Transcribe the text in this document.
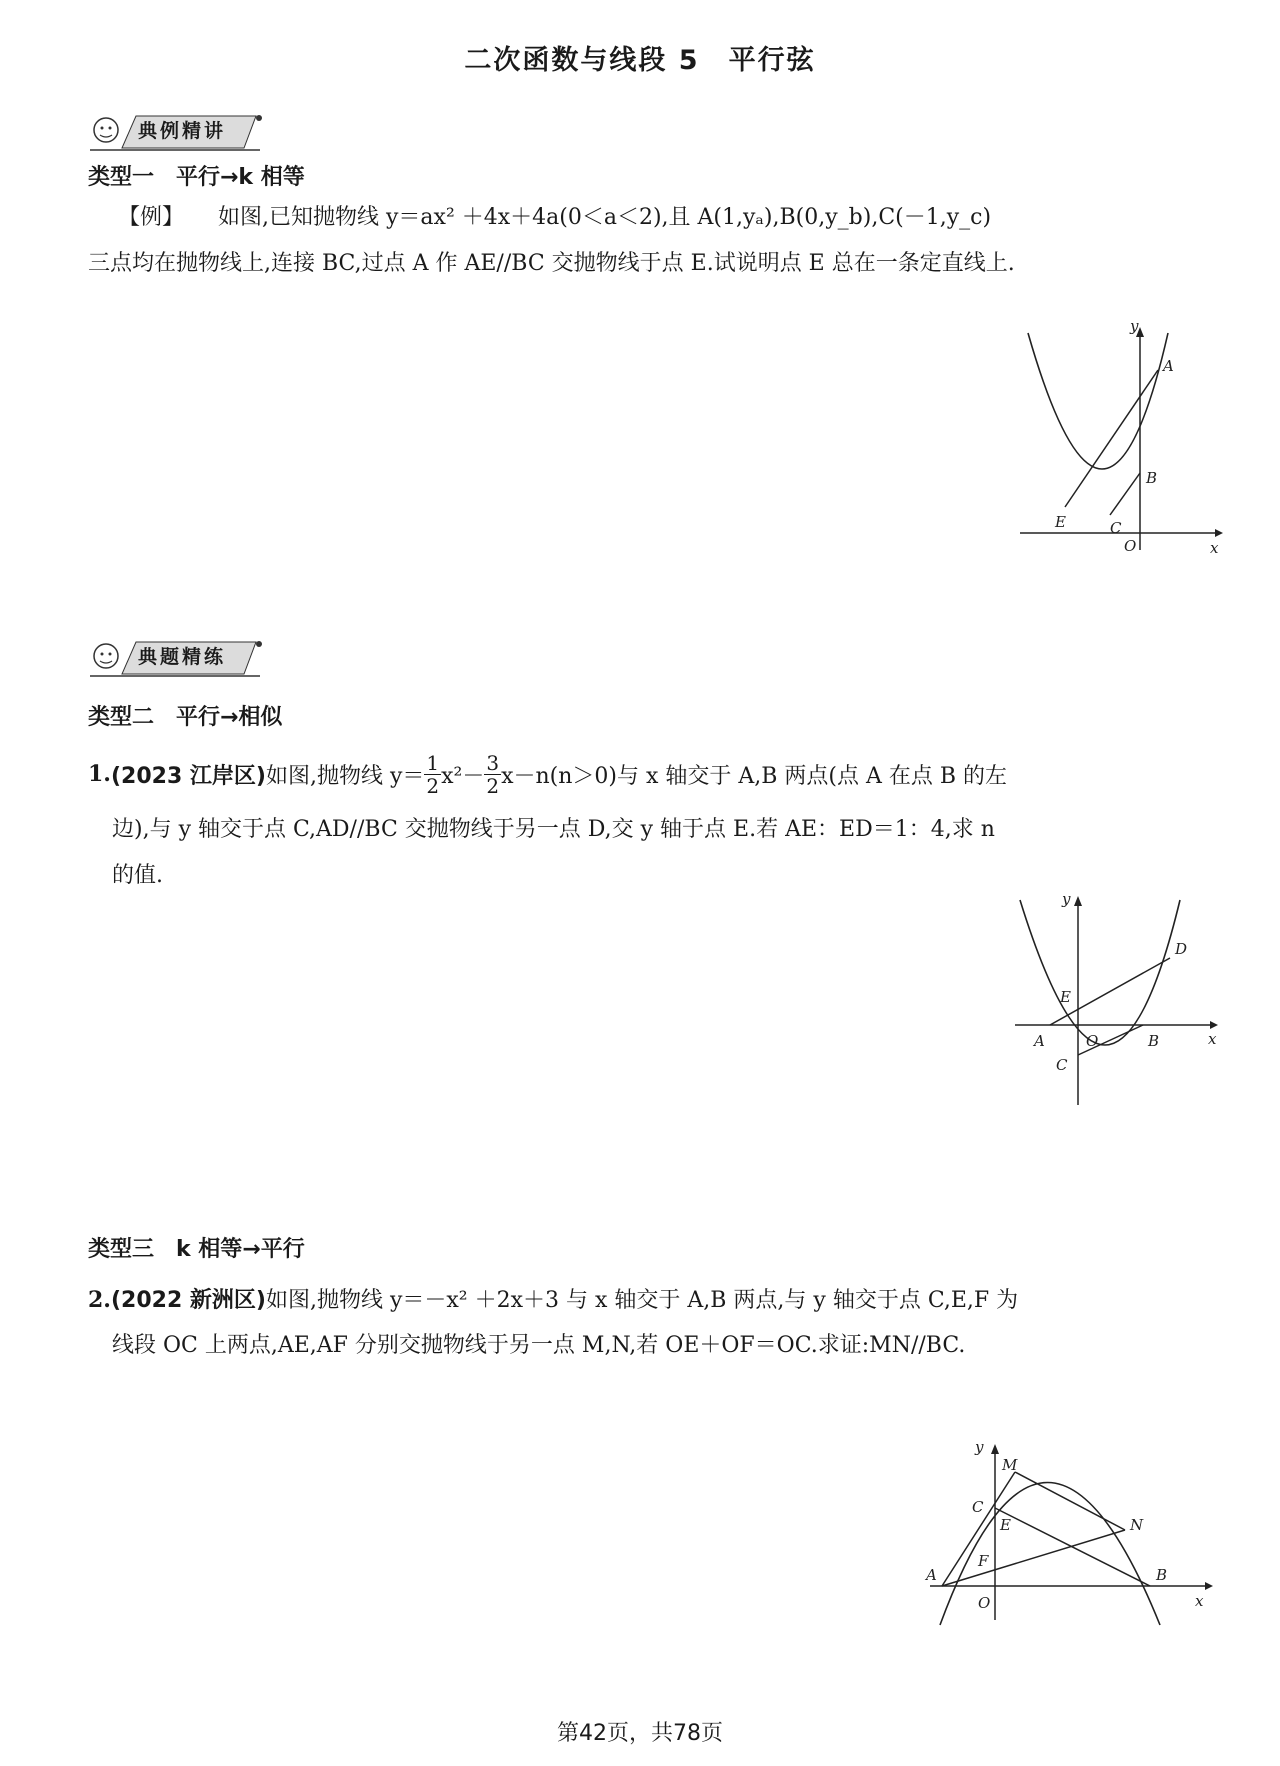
二次函数与线段 5　平行弦
典例精讲
类型一　平行→k 相等
【例】 　如图,已知抛物线 y＝ax² ＋4x＋4a(0＜a＜2),且 A(1,yₐ),B(0,y_b),C(－1,y_c)
三点均在抛物线上,连接 BC,过点 A 作 AE//BC 交抛物线于点 E.试说明点 E 总在一条定直线上.
y
A
B
C
E
O	x
典题精练
类型二　平行→相似
1. (2023 江岸区) 如图,抛物线 $y= \frac{1}{2} x^2- \frac{3}{2} x-n(n>0)$与 x 轴交于 A,B 两点(点 A 在点 B 的左
边),与 y 轴交于点 C,AD//BC 交抛物线于另一点 D,交 y 轴于点 E.若 AE：ED＝1：4,求 n
的值.
y
D
E
A	O	B	x
C
类型三　k 相等→平行
2.(2022 新洲区)如图,抛物线 y＝－x² ＋2x＋3 与 x 轴交于 A,B 两点,与 y 轴交于点 C,E,F 为
线段 OC 上两点,AE,AF 分别交抛物线于另一点 M,N,若 OE＋OF＝OC.求证:MN//BC.
y
M
C
E	N
F
A
O
B
x
第42页，共78页
